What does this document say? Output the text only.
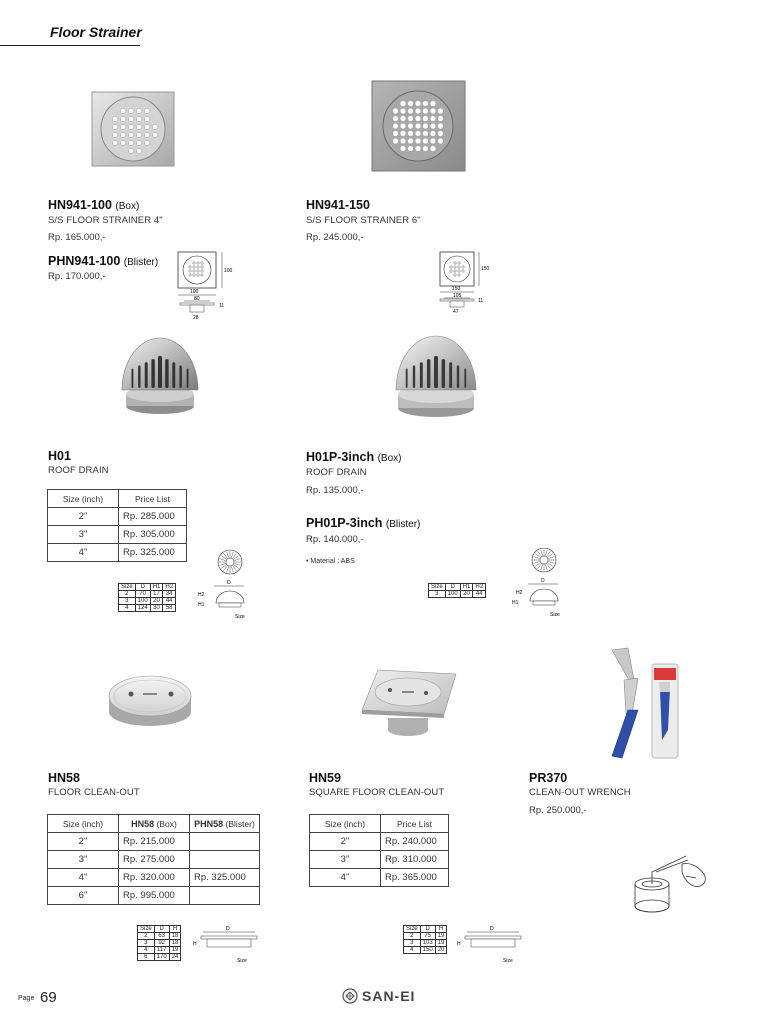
Floor Strainer
HN941-100 (Box)
S/S FLOOR STRAINER 4"
Rp. 165.000,-
PHN941-100 (Blister)
Rp. 170.000,-
HN941-150
S/S FLOOR STRAINER 6"
Rp. 245.000,-
100
100
80
11
28
150
150
105
11
47
H01
ROOF DRAIN
Size (inch)	Price List
2"	Rp. 285.000
3"	Rp. 305.000
4"	Rp. 325.000
H01P-3inch (Box)
ROOF DRAIN
Rp. 135.000,-
PH01P-3inch (Blister)
Rp. 140.000,-
• Material : ABS
Size	D	H1	H2
2	70	17	34
3	100	20	44
4	124	30	58
D
H2
H1
Size
Size	D	H1	H2
3	100	20	44
D
H2
H1
Size
HN58
FLOOR CLEAN-OUT
Size (inch)	HN58 (Box)	PHN58 (Blister)
2"	Rp. 215.000	
3"	Rp. 275.000	
4"	Rp. 320.000	Rp. 325.000
6"	Rp. 995.000	
HN59
SQUARE FLOOR CLEAN-OUT
Size (inch)	Price List
2"	Rp. 240.000
3"	Rp. 310.000
4"	Rp. 365.000
PR370
CLEAN-OUT WRENCH
Rp. 250.000,-
Size	D	H
2	63	18
3	92	18
4	117	19
6	170	24
D
H
Size
Size	D	H
2	75	19
3	103	19
4	150	20
D
H
Size
Page 69	SAN-EI
